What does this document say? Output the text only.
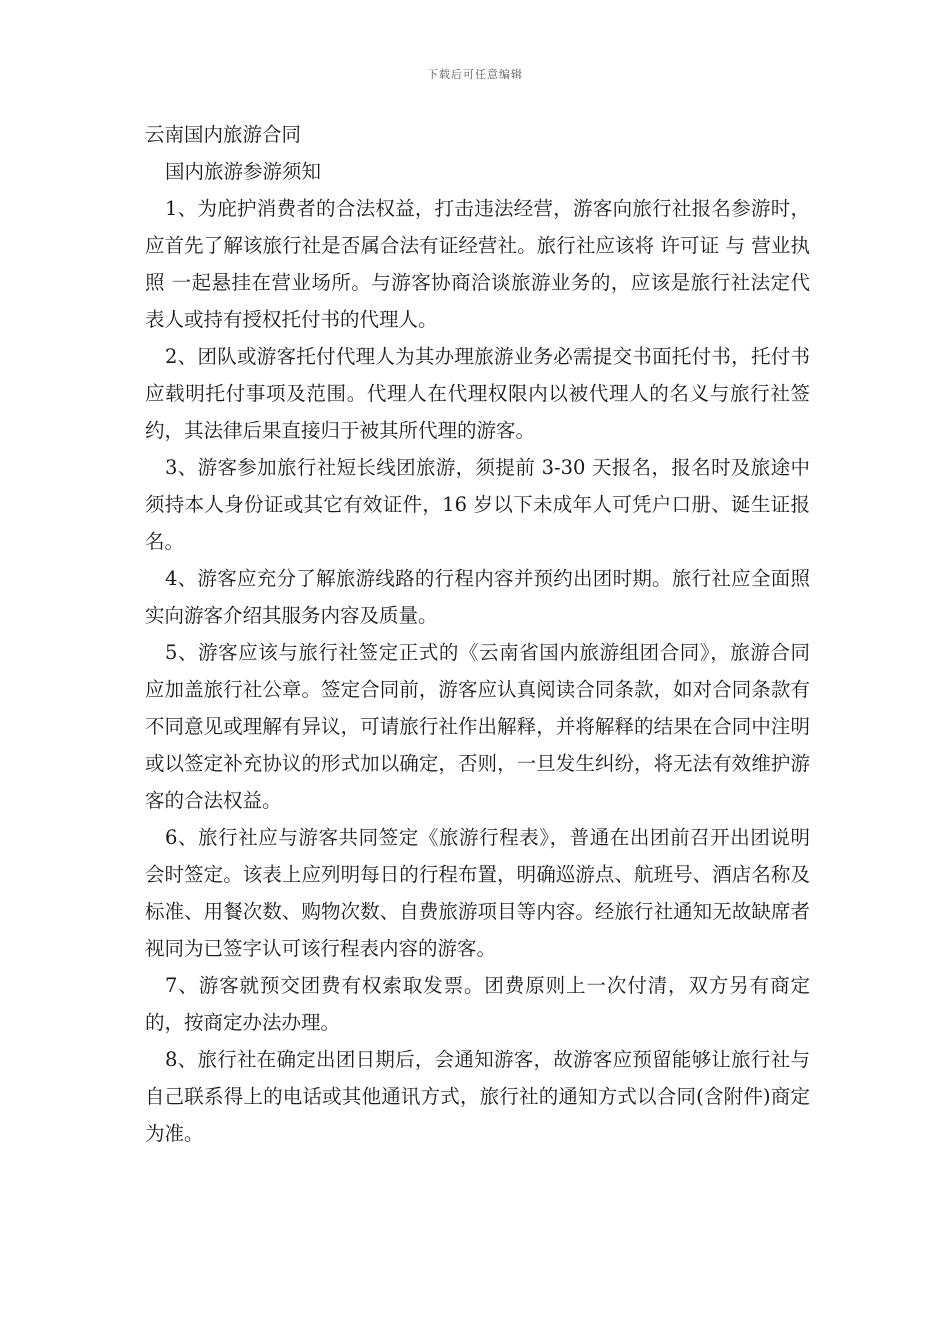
下载后可任意编辑
云南国内旅游合同
国内旅游参游须知

1、为庇护消费者的合法权益，打击违法经营，游客向旅行社报名参游时，应首先了解该旅行社是否属合法有证经营社。旅行社应该将 许可证 与 营业执照 一起悬挂在营业场所。与游客协商洽谈旅游业务的，应该是旅行社法定代表人或持有授权托付书的代理人。

2、团队或游客托付代理人为其办理旅游业务必需提交书面托付书，托付书应载明托付事项及范围。代理人在代理权限内以被代理人的名义与旅行社签约，其法律后果直接归于被其所代理的游客。

3、游客参加旅行社短长线团旅游，须提前 3-30 天报名，报名时及旅途中须持本人身份证或其它有效证件，16 岁以下未成年人可凭户口册、诞生证报名。

4、游客应充分了解旅游线路的行程内容并预约出团时期。旅行社应全面照实向游客介绍其服务内容及质量。

5、游客应该与旅行社签定正式的《云南省国内旅游组团合同》，旅游合同应加盖旅行社公章。签定合同前，游客应认真阅读合同条款，如对合同条款有不同意见或理解有异议，可请旅行社作出解释，并将解释的结果在合同中注明或以签定补充协议的形式加以确定，否则，一旦发生纠纷，将无法有效维护游客的合法权益。

6、旅行社应与游客共同签定《旅游行程表》，普通在出团前召开出团说明会时签定。该表上应列明每日的行程布置，明确巡游点、航班号、酒店名称及标准、用餐次数、购物次数、自费旅游项目等内容。经旅行社通知无故缺席者视同为已签字认可该行程表内容的游客。

7、游客就预交团费有权索取发票。团费原则上一次付清，双方另有商定的，按商定办法办理。

8、旅行社在确定出团日期后，会通知游客，故游客应预留能够让旅行社与自己联系得上的电话或其他通讯方式，旅行社的通知方式以合同(含附件)商定为准。
